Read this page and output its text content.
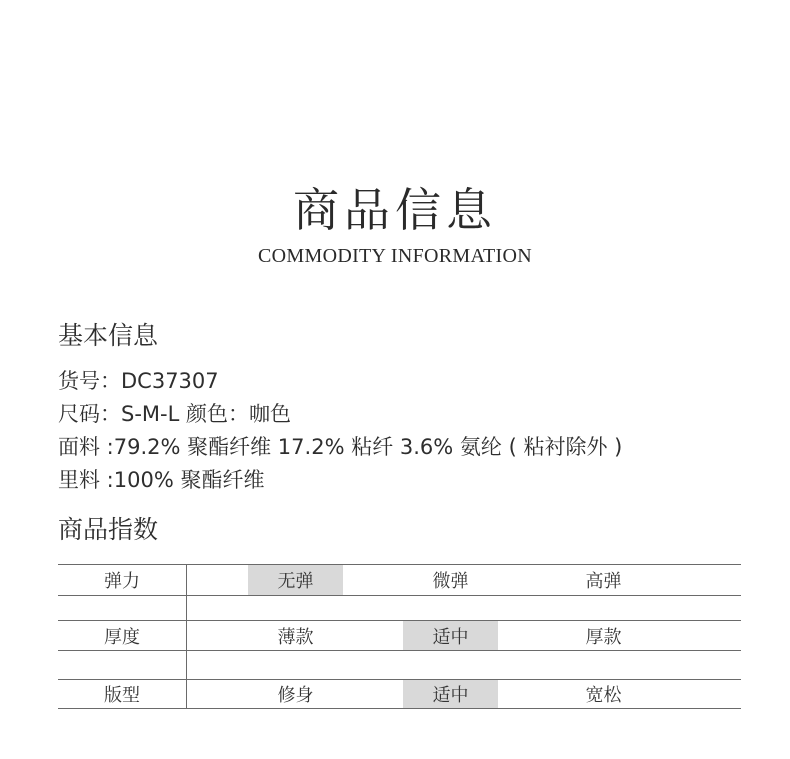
商品信息
COMMODITY INFORMATION
基本信息
货号：DC37307
尺码：S-M-L 颜色：咖色
面料 :79.2% 聚酯纤维 17.2% 粘纤 3.6% 氨纶 ( 粘衬除外 )
里料 :100% 聚酯纤维
商品指数
弹力	无弹	微弹	高弹
厚度	薄款	适中	厚款
版型	修身	适中	宽松
